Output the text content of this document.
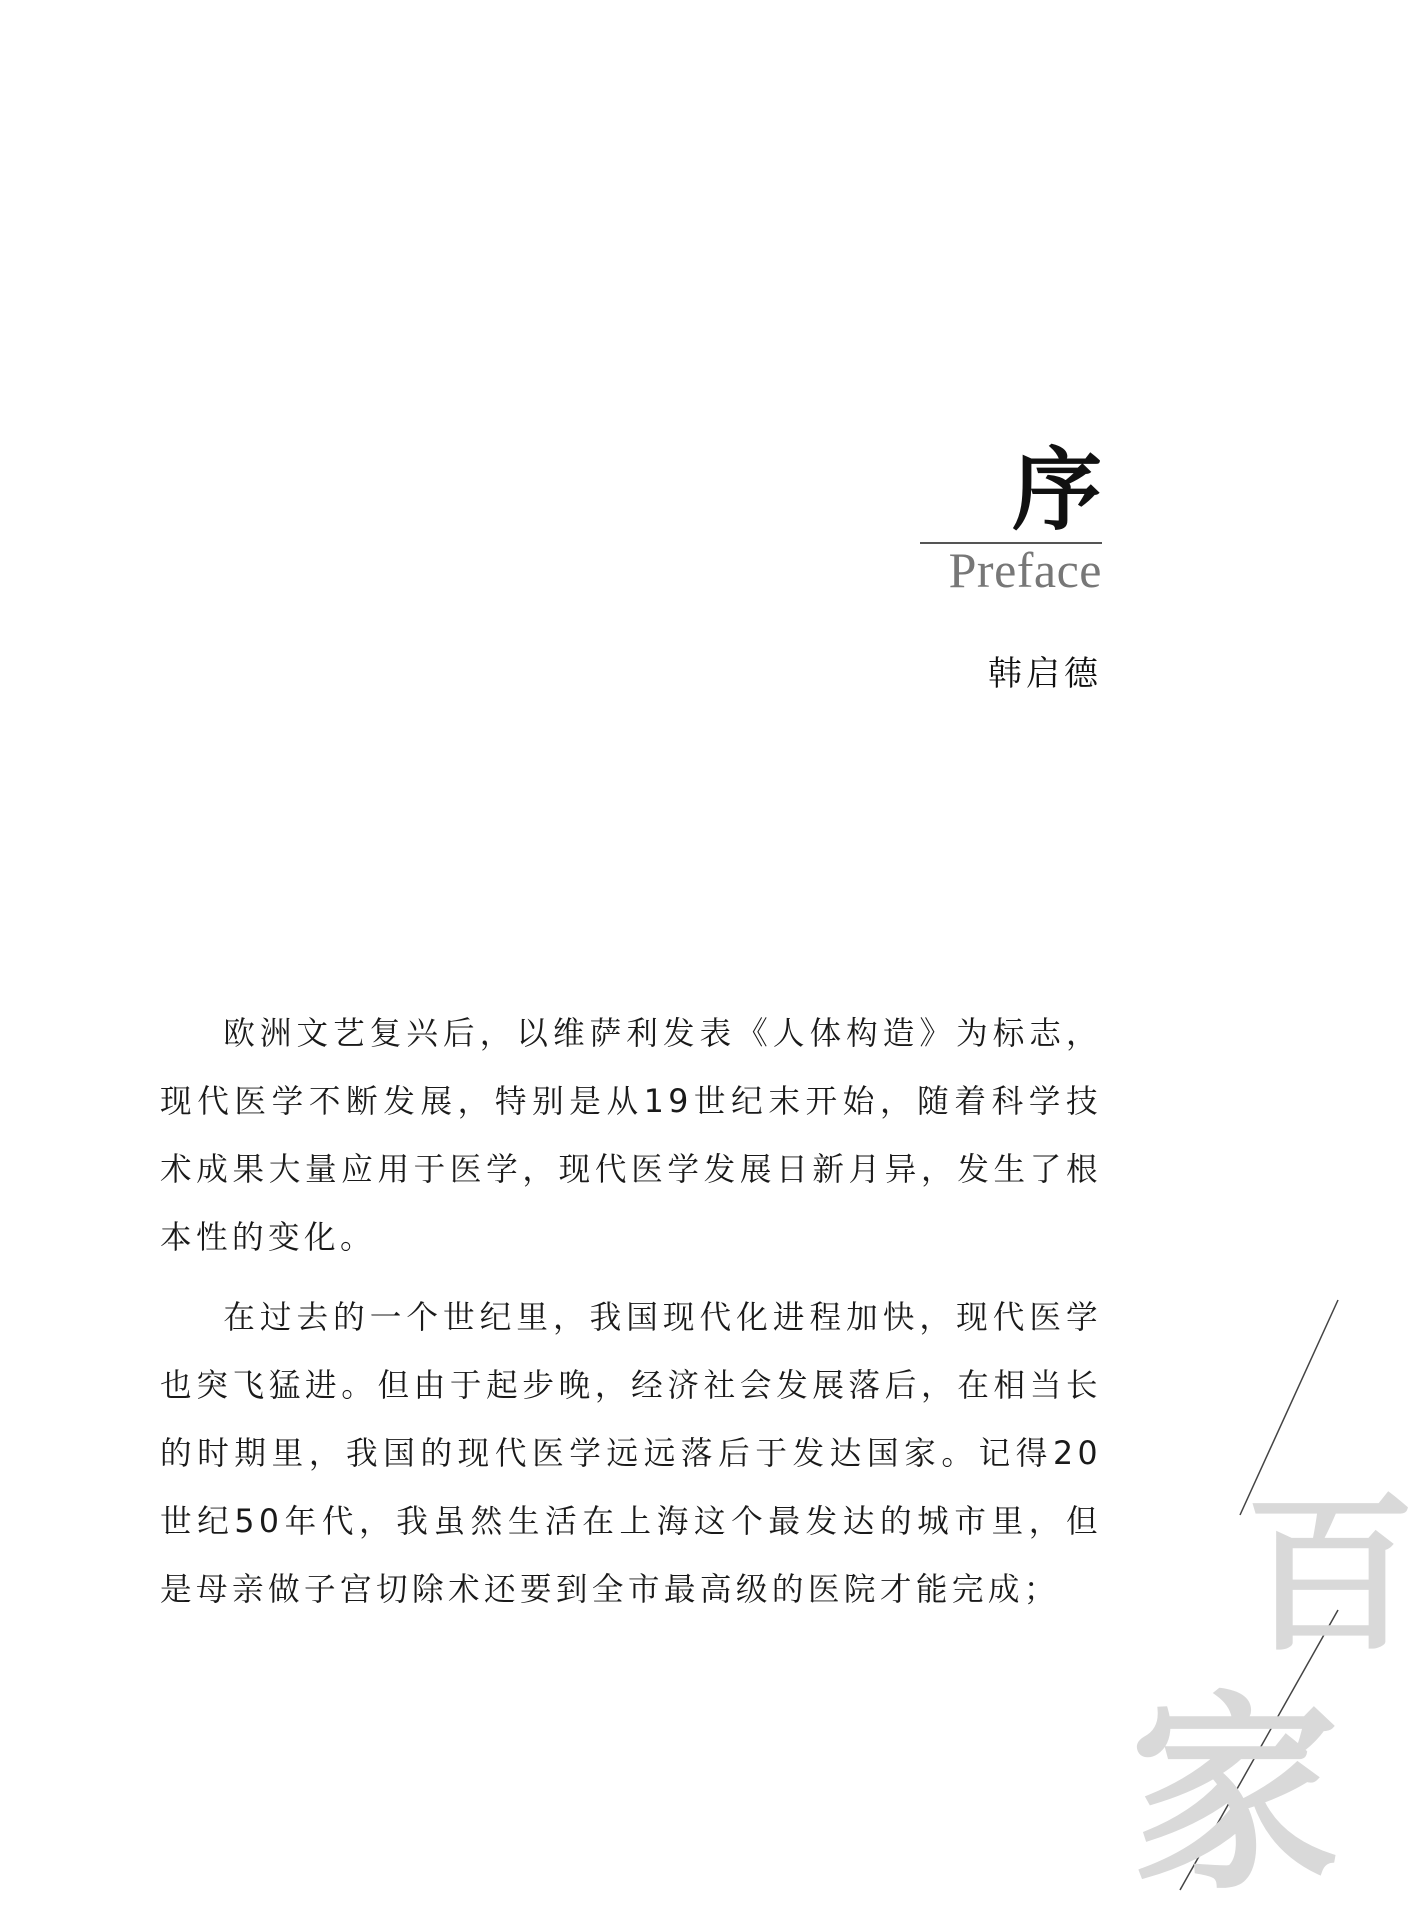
序
Preface
韩启德

欧洲文艺复兴后，以维萨利发表《人体构造》为标志，现代医学不断发展，特别是从19世纪末开始，随着科学技术成果大量应用于医学，现代医学发展日新月异，发生了根本性的变化。

在过去的一个世纪里，我国现代化进程加快，现代医学也突飞猛进。但由于起步晚，经济社会发展落后，在相当长的时期里，我国的现代医学远远落后于发达国家。记得20世纪50年代，我虽然生活在上海这个最发达的城市里，但是母亲做子宫切除术还要到全市最高级的医院才能完成； 百
家
